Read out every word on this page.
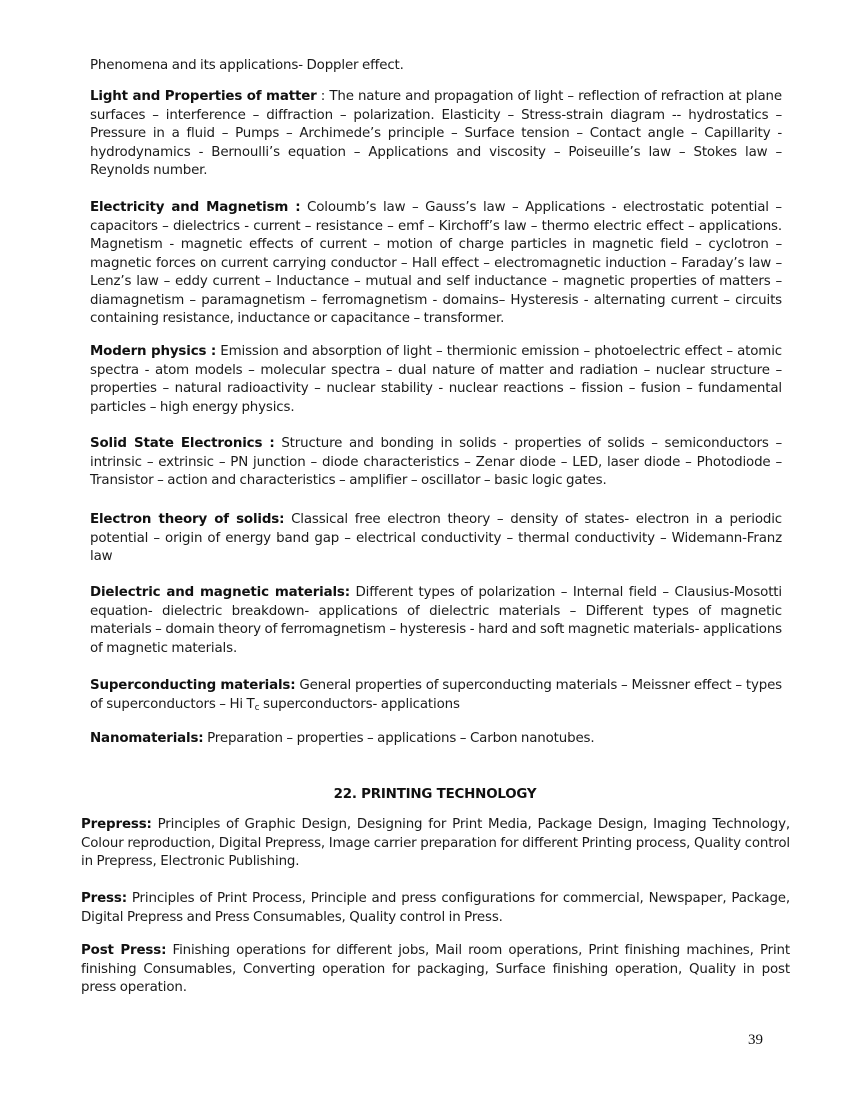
Phenomena and its applications- Doppler effect.

Light and Properties of matter : The nature and propagation of light – reflection of refraction at plane surfaces – interference – diffraction – polarization. Elasticity – Stress-strain diagram -- hydrostatics – Pressure in a fluid – Pumps – Archimede’s principle – Surface tension – Contact angle – Capillarity - hydrodynamics - Bernoulli’s equation – Applications and viscosity – Poiseuille’s law – Stokes law – Reynolds number.

Electricity and Magnetism : Coloumb’s law – Gauss’s law – Applications - electrostatic potential – capacitors – dielectrics - current – resistance – emf – Kirchoff’s law – thermo electric effect – applications. Magnetism - magnetic effects of current – motion of charge particles in magnetic field – cyclotron – magnetic forces on current carrying conductor – Hall effect – electromagnetic induction – Faraday’s law – Lenz’s law – eddy current – Inductance – mutual and self inductance – magnetic properties of matters – diamagnetism – paramagnetism – ferromagnetism - domains– Hysteresis - alternating current – circuits containing resistance, inductance or capacitance – transformer.

Modern physics : Emission and absorption of light – thermionic emission – photoelectric effect – atomic spectra - atom models – molecular spectra – dual nature of matter and radiation – nuclear structure – properties – natural radioactivity – nuclear stability - nuclear reactions – fission – fusion – fundamental particles – high energy physics.

Solid State Electronics : Structure and bonding in solids - properties of solids – semiconductors – intrinsic – extrinsic – PN junction – diode characteristics – Zenar diode – LED, laser diode – Photodiode – Transistor – action and characteristics – amplifier – oscillator – basic logic gates.

Electron theory of solids: Classical free electron theory – density of states- electron in a periodic potential – origin of energy band gap – electrical conductivity – thermal conductivity – Widemann-Franz law

Dielectric and magnetic materials: Different types of polarization – Internal field – Clausius-Mosotti equation- dielectric breakdown- applications of dielectric materials – Different types of magnetic materials – domain theory of ferromagnetism – hysteresis - hard and soft magnetic materials- applications of magnetic materials.

Superconducting materials: General properties of superconducting materials – Meissner effect – types of superconductors – Hi $T_c$ superconductors- applications

Nanomaterials: Preparation – properties – applications – Carbon nanotubes.

22. PRINTING TECHNOLOGY

Prepress: Principles of Graphic Design, Designing for Print Media, Package Design, Imaging Technology, Colour reproduction, Digital Prepress, Image carrier preparation for different Printing process, Quality control in Prepress, Electronic Publishing.

Press: Principles of Print Process, Principle and press configurations for commercial, Newspaper, Package, Digital Prepress and Press Consumables, Quality control in Press.

Post Press: Finishing operations for different jobs, Mail room operations, Print finishing machines, Print finishing Consumables, Converting operation for packaging, Surface finishing operation, Quality in post press operation.

39
